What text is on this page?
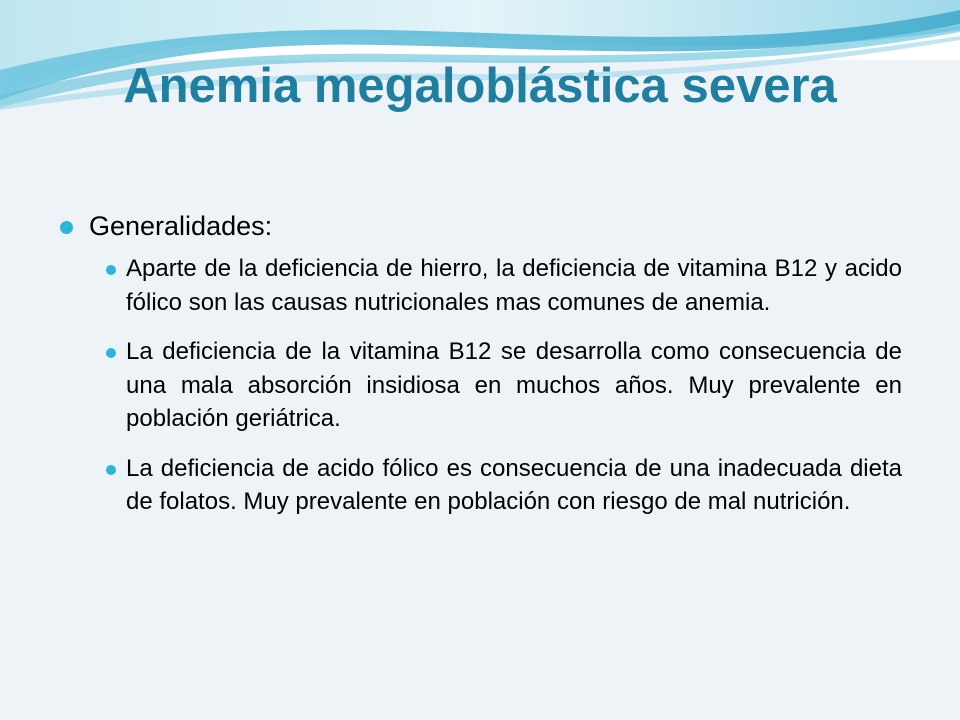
Anemia megaloblástica severa
Generalidades:
Aparte de la deficiencia de hierro, la deficiencia de vitamina B12 y acido fólico son las causas nutricionales mas comunes de anemia.
La deficiencia de la vitamina B12 se desarrolla como consecuencia de una mala absorción insidiosa en muchos años. Muy prevalente en población geriátrica.
La deficiencia de acido fólico es consecuencia de una inadecuada dieta de folatos. Muy prevalente en población con riesgo de mal nutrición.
